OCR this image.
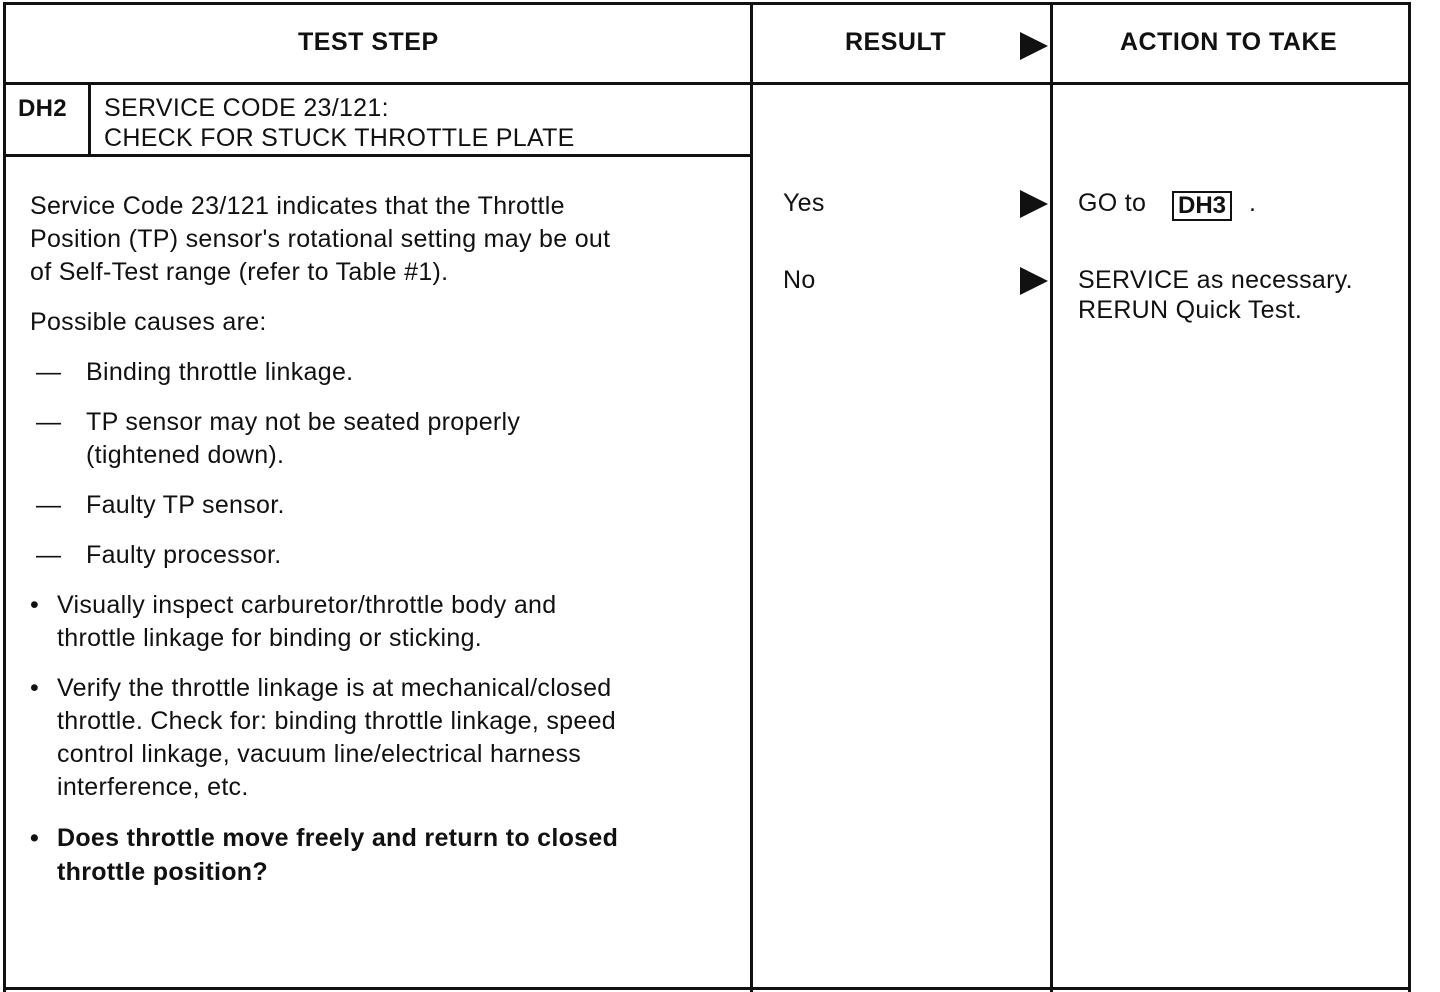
TEST STEP	RESULT	ACTION TO TAKE
DH2 SERVICE CODE 23/121:
CHECK FOR STUCK THROTTLE PLATE
Service Code 23/121 indicates that the Throttle
Position (TP) sensor's rotational setting may be out
of Self-Test range (refer to Table #1).
Possible causes are:
— Binding throttle linkage.
— TP sensor may not be seated properly
(tightened down).
— Faulty TP sensor.
— Faulty processor.
• Visually inspect carburetor/throttle body and
throttle linkage for binding or sticking.
• Verify the throttle linkage is at mechanical/closed
throttle. Check for: binding throttle linkage, speed
control linkage, vacuum line/electrical harness
interference, etc.
• Does throttle move freely and return to closed
throttle position?
Yes
No
GO to DH3 .
SERVICE as necessary.
RERUN Quick Test.
